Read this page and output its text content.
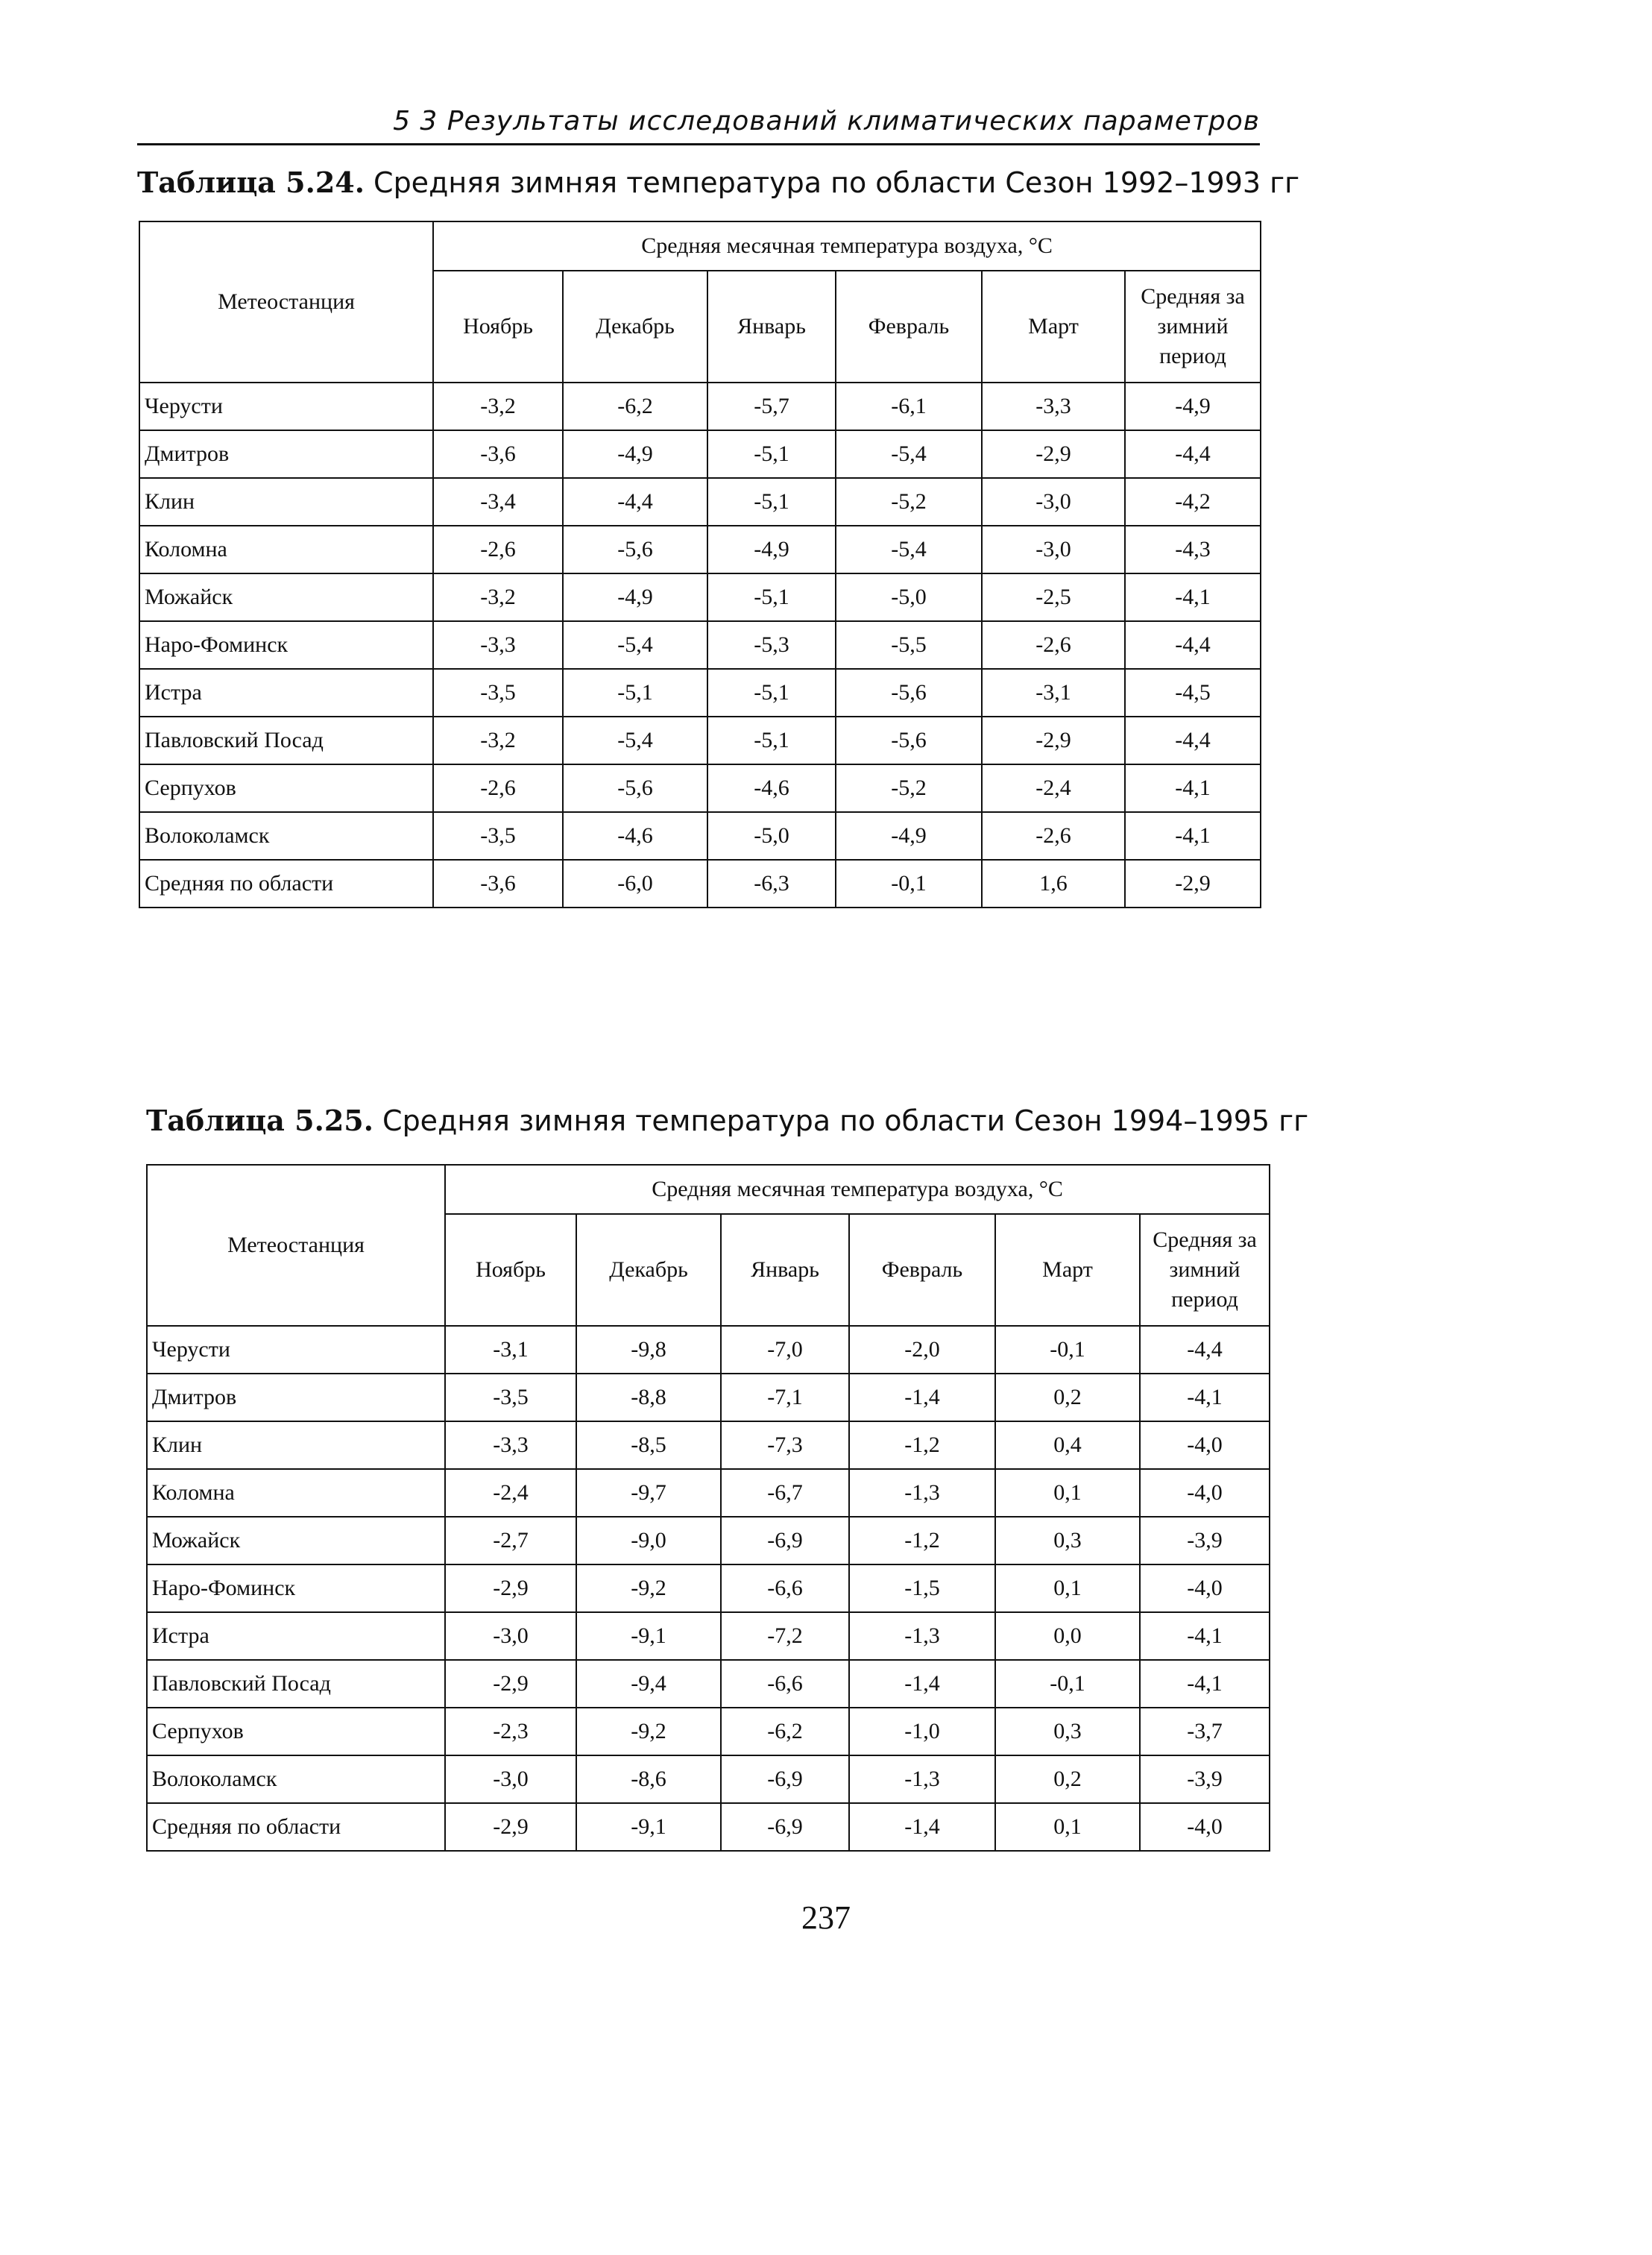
5 3 Результаты исследований климатических параметров
Таблица 5.24. Средняя зимняя температура по области Сезон 1992–1993 гг
Метеостанция	Средняя месячная температура воздуха, °С					
	Ноябрь	Декабрь	Январь	Февраль	Март	Средняя за зимний период
Черусти	-3,2	-6,2	-5,7	-6,1	-3,3	-4,9
Дмитров	-3,6	-4,9	-5,1	-5,4	-2,9	-4,4
Клин	-3,4	-4,4	-5,1	-5,2	-3,0	-4,2
Коломна	-2,6	-5,6	-4,9	-5,4	-3,0	-4,3
Можайск	-3,2	-4,9	-5,1	-5,0	-2,5	-4,1
Наро-Фоминск	-3,3	-5,4	-5,3	-5,5	-2,6	-4,4
Истра	-3,5	-5,1	-5,1	-5,6	-3,1	-4,5
Павловский Посад	-3,2	-5,4	-5,1	-5,6	-2,9	-4,4
Серпухов	-2,6	-5,6	-4,6	-5,2	-2,4	-4,1
Волоколамск	-3,5	-4,6	-5,0	-4,9	-2,6	-4,1
Средняя по области	-3,6	-6,0	-6,3	-0,1	1,6	-2,9
Таблица 5.25. Средняя зимняя температура по области Сезон 1994–1995 гг
Метеостанция	Средняя месячная температура воздуха, °С					
	Ноябрь	Декабрь	Январь	Февраль	Март	Средняя за зимний период
Черусти	-3,1	-9,8	-7,0	-2,0	-0,1	-4,4
Дмитров	-3,5	-8,8	-7,1	-1,4	0,2	-4,1
Клин	-3,3	-8,5	-7,3	-1,2	0,4	-4,0
Коломна	-2,4	-9,7	-6,7	-1,3	0,1	-4,0
Можайск	-2,7	-9,0	-6,9	-1,2	0,3	-3,9
Наро-Фоминск	-2,9	-9,2	-6,6	-1,5	0,1	-4,0
Истра	-3,0	-9,1	-7,2	-1,3	0,0	-4,1
Павловский Посад	-2,9	-9,4	-6,6	-1,4	-0,1	-4,1
Серпухов	-2,3	-9,2	-6,2	-1,0	0,3	-3,7
Волоколамск	-3,0	-8,6	-6,9	-1,3	0,2	-3,9
Средняя по области	-2,9	-9,1	-6,9	-1,4	0,1	-4,0
237
